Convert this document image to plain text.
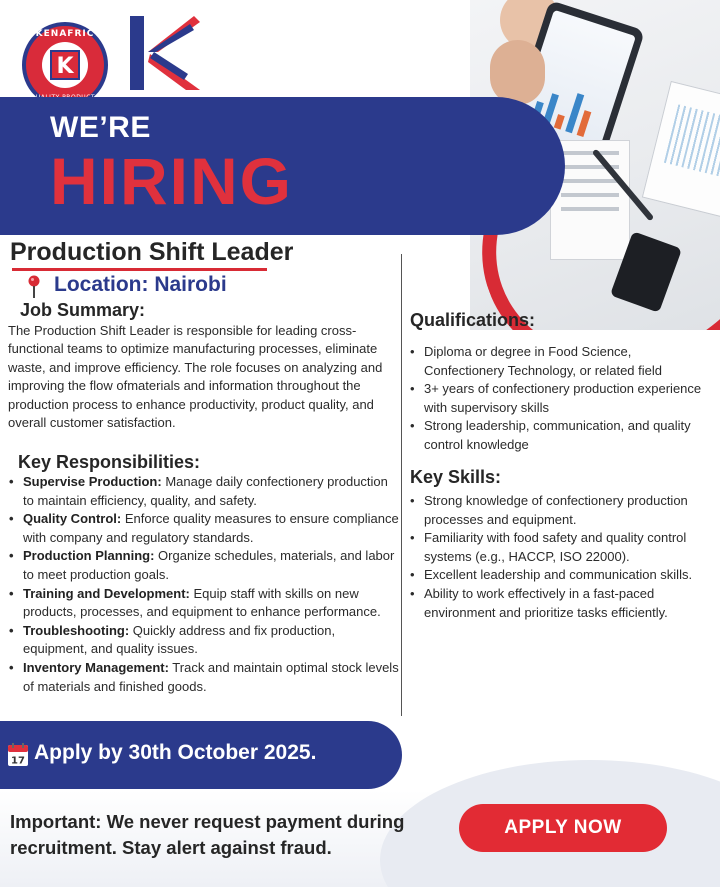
KENAFRIC
K
WE’RE
HIRING
Production Shift Leader
Location: Nairobi
Job Summary:
The Production Shift Leader is responsible for leading cross-functional teams to optimize manufacturing processes, eliminate waste, and improve efficiency. The role focuses on analyzing and improving the flow ofmaterials and information throughout the production process to enhance productivity, product quality, and overall customer satisfaction.
Key Responsibilities:
• Supervise Production: Manage daily confectionery production to maintain efficiency, quality, and safety.
• Quality Control: Enforce quality measures to ensure compliance with company and regulatory standards.
• Production Planning: Organize schedules, materials, and labor to meet production goals.
• Training and Development: Equip staff with skills on new products, processes, and equipment to enhance performance.
• Troubleshooting: Quickly address and fix production, equipment, and quality issues.
• Inventory Management: Track and maintain optimal stock levels of materials and finished goods.
Qualifications:
• Diploma or degree in Food Science, Confectionery Technology, or related field
• 3+ years of confectionery production experience with supervisory skills
• Strong leadership, communication, and quality control knowledge
Key Skills:
• Strong knowledge of confectionery production processes and equipment.
• Familiarity with food safety and quality control systems (e.g., HACCP, ISO 22000).
• Excellent leadership and communication skills.
• Ability to work effectively in a fast-paced environment and prioritize tasks efficiently.
17 Apply by 30th October 2025.
Important: We never request payment during recruitment. Stay alert against fraud.
APPLY NOW
